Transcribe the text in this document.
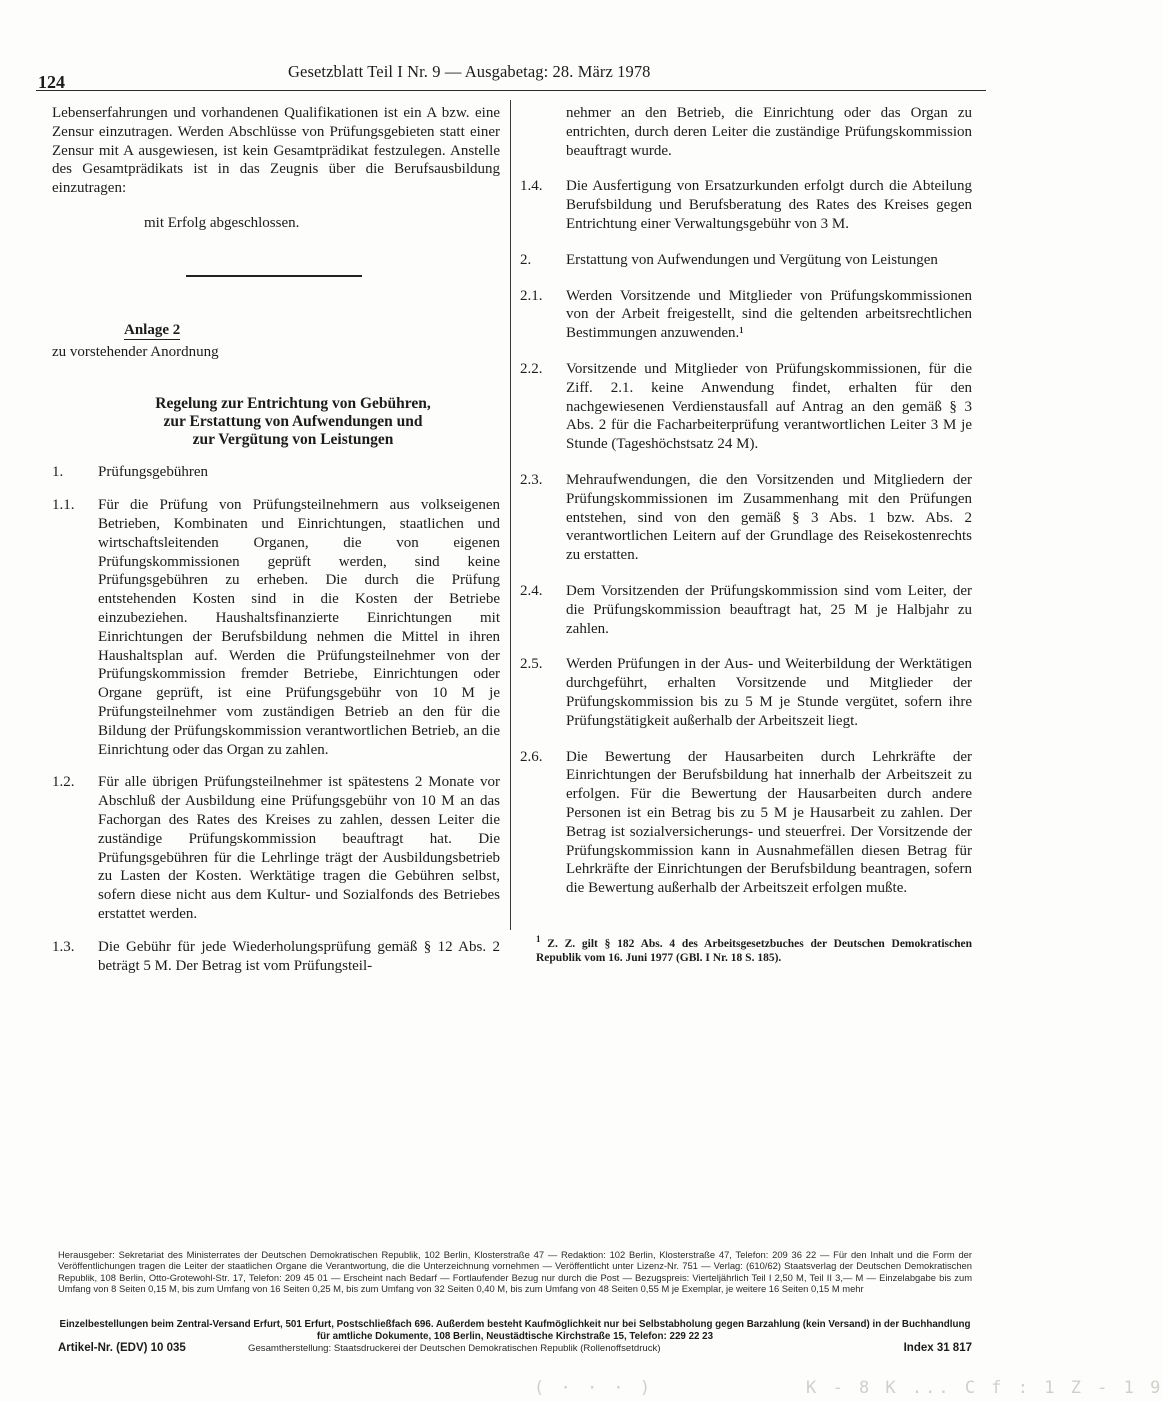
124
Gesetzblatt Teil I Nr. 9 — Ausgabetag: 28. März 1978

Lebenserfahrungen und vorhandenen Qualifikationen ist ein A bzw. eine Zensur einzutragen. Werden Abschlüsse von Prüfungsgebieten statt einer Zensur mit A ausgewiesen, ist kein Gesamtprädikat festzulegen. Anstelle des Gesamtprädikats ist in das Zeugnis über die Berufsausbildung einzutragen:

mit Erfolg abgeschlossen.

Anlage 2
zu vorstehender Anordnung
Regelung zur Entrichtung von Gebühren,
zur Erstattung von Aufwendungen und
zur Vergütung von Leistungen
1.	Prüfungsgebühren
1.1.	Für die Prüfung von Prüfungsteilnehmern aus volkseigenen Betrieben, Kombinaten und Einrichtungen, staatlichen und wirtschaftsleitenden Organen, die von eigenen Prüfungskommissionen geprüft werden, sind keine Prüfungsgebühren zu erheben. Die durch die Prüfung entstehenden Kosten sind in die Kosten der Betriebe einzubeziehen. Haushaltsfinanzierte Einrichtungen mit Einrichtungen der Berufsbildung nehmen die Mittel in ihren Haushaltsplan auf. Werden die Prüfungsteilnehmer von der Prüfungskommission fremder Betriebe, Einrichtungen oder Organe geprüft, ist eine Prüfungsgebühr von 10 M je Prüfungsteilnehmer vom zuständigen Betrieb an den für die Bildung der Prüfungskommission verantwortlichen Betrieb, an die Einrichtung oder das Organ zu zahlen.
1.2.	Für alle übrigen Prüfungsteilnehmer ist spätestens 2 Monate vor Abschluß der Ausbildung eine Prüfungsgebühr von 10 M an das Fachorgan des Rates des Kreises zu zahlen, dessen Leiter die zuständige Prüfungskommission beauftragt hat. Die Prüfungsgebühren für die Lehrlinge trägt der Ausbildungsbetrieb zu Lasten der Kosten. Werktätige tragen die Gebühren selbst, sofern diese nicht aus dem Kultur- und Sozialfonds des Betriebes erstattet werden.
1.3.	Die Gebühr für jede Wiederholungsprüfung gemäß § 12 Abs. 2 beträgt 5 M. Der Betrag ist vom Prüfungsteil-

nehmer an den Betrieb, die Einrichtung oder das Organ zu entrichten, durch deren Leiter die zuständige Prüfungskommission beauftragt wurde.

1.4.	Die Ausfertigung von Ersatzurkunden erfolgt durch die Abteilung Berufsbildung und Berufsberatung des Rates des Kreises gegen Entrichtung einer Verwaltungsgebühr von 3 M.
2.	Erstattung von Aufwendungen und Vergütung von Leistungen
2.1.	Werden Vorsitzende und Mitglieder von Prüfungskommissionen von der Arbeit freigestellt, sind die geltenden arbeitsrechtlichen Bestimmungen anzuwenden.¹
2.2.	Vorsitzende und Mitglieder von Prüfungskommissionen, für die Ziff. 2.1. keine Anwendung findet, erhalten für den nachgewiesenen Verdienstausfall auf Antrag an den gemäß § 3 Abs. 2 für die Facharbeiterprüfung verantwortlichen Leiter 3 M je Stunde (Tageshöchstsatz 24 M).
2.3.	Mehraufwendungen, die den Vorsitzenden und Mitgliedern der Prüfungskommissionen im Zusammenhang mit den Prüfungen entstehen, sind von den gemäß § 3 Abs. 1 bzw. Abs. 2 verantwortlichen Leitern auf der Grundlage des Reisekostenrechts zu erstatten.
2.4.	Dem Vorsitzenden der Prüfungskommission sind vom Leiter, der die Prüfungskommission beauftragt hat, 25 M je Halbjahr zu zahlen.
2.5.	Werden Prüfungen in der Aus- und Weiterbildung der Werktätigen durchgeführt, erhalten Vorsitzende und Mitglieder der Prüfungskommission bis zu 5 M je Stunde vergütet, sofern ihre Prüfungstätigkeit außerhalb der Arbeitszeit liegt.
2.6.	Die Bewertung der Hausarbeiten durch Lehrkräfte der Einrichtungen der Berufsbildung hat innerhalb der Arbeitszeit zu erfolgen. Für die Bewertung der Hausarbeiten durch andere Personen ist ein Betrag bis zu 5 M je Hausarbeit zu zahlen. Der Betrag ist sozialversicherungs- und steuerfrei. Der Vorsitzende der Prüfungskommission kann in Ausnahmefällen diesen Betrag für Lehrkräfte der Einrichtungen der Berufsbildung beantragen, sofern die Bewertung außerhalb der Arbeitszeit erfolgen mußte.
$^1$ Z. Z. gilt § 182 Abs. 4 des Arbeitsgesetzbuches der Deutschen Demokratischen Republik vom 16. Juni 1977 (GBl. I Nr. 18 S. 185).
Herausgeber: Sekretariat des Ministerrates der Deutschen Demokratischen Republik, 102 Berlin, Klosterstraße 47 — Redaktion: 102 Berlin, Klosterstraße 47, Telefon: 209 36 22 — Für den Inhalt und die Form der Veröffentlichungen tragen die Leiter der staatlichen Organe die Verantwortung, die die Unterzeichnung vornehmen — Veröffentlicht unter Lizenz-Nr. 751 — Verlag: (610/62) Staatsverlag der Deutschen Demokratischen Republik, 108 Berlin, Otto-Grotewohl-Str. 17, Telefon: 209 45 01 — Erscheint nach Bedarf — Fortlaufender Bezug nur durch die Post — Bezugspreis: Vierteljährlich Teil I 2,50 M, Teil II 3,— M — Einzelabgabe bis zum Umfang von 8 Seiten 0,15 M, bis zum Umfang von 16 Seiten 0,25 M, bis zum Umfang von 32 Seiten 0,40 M, bis zum Umfang von 48 Seiten 0,55 M je Exemplar, je weitere 16 Seiten 0,15 M mehr
Einzelbestellungen beim Zentral-Versand Erfurt, 501 Erfurt, Postschließfach 696. Außerdem besteht Kaufmöglichkeit nur bei Selbstabholung gegen Barzahlung (kein Versand) in der Buchhandlung für amtliche Dokumente, 108 Berlin, Neustädtische Kirchstraße 15, Telefon: 229 22 23
Artikel-Nr. (EDV) 10 035	Gesamtherstellung: Staatsdruckerei der Deutschen Demokratischen Republik (Rollenoffsetdruck)	Index 31 817
( · · · )	K - 8 K ... C f : 1 Z - 1 9
